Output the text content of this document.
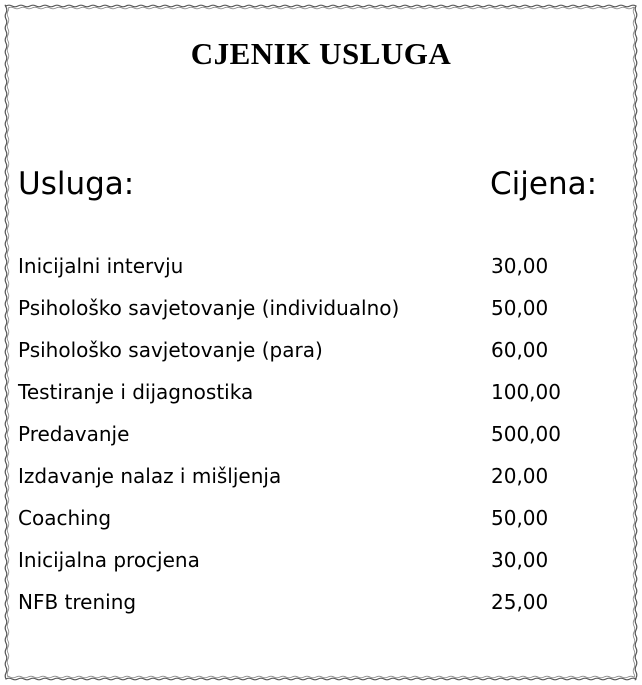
CJENIK USLUGA
Usluga:	Cijena:
Inicijalni intervju	30,00
Psihološko savjetovanje (individualno)	50,00
Psihološko savjetovanje (para)	60,00
Testiranje i dijagnostika	100,00
Predavanje	500,00
Izdavanje nalaz i mišljenja	20,00
Coaching	50,00
Inicijalna procjena	30,00
NFB trening	25,00
